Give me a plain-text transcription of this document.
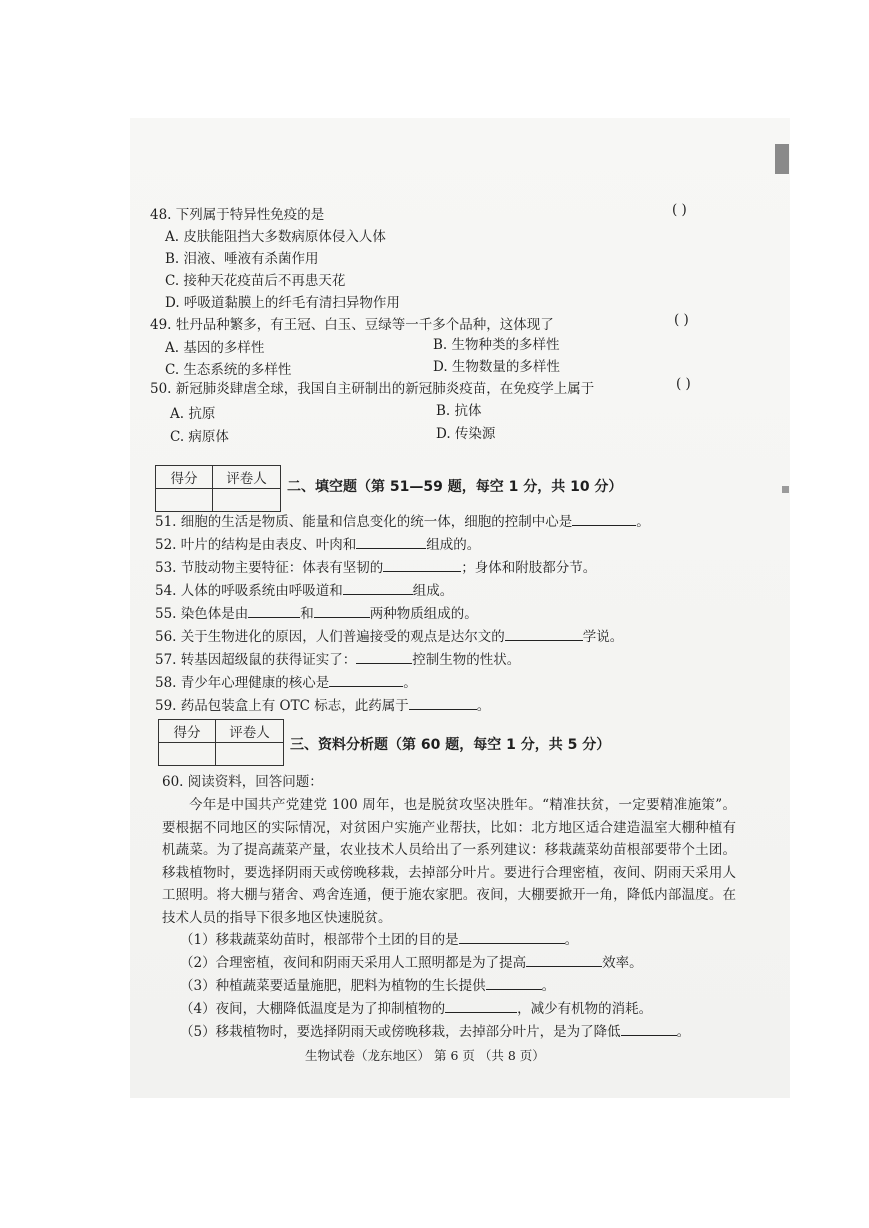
48. 下列属于特异性免疫的是	( )
A. 皮肤能阻挡大多数病原体侵入人体
B. 泪液、唾液有杀菌作用
C. 接种天花疫苗后不再患天花
D. 呼吸道黏膜上的纤毛有清扫异物作用
49. 牡丹品种繁多，有王冠、白玉、豆绿等一千多个品种，这体现了	( )
A. 基因的多样性	B. 生物种类的多样性
C. 生态系统的多样性	D. 生物数量的多样性
50. 新冠肺炎肆虐全球，我国自主研制出的新冠肺炎疫苗，在免疫学上属于	( )
A. 抗原	B. 抗体
C. 病原体	D. 传染源
得分	评卷人
	二、填空题（第 51—59 题，每空 1 分，共 10 分）
51. 细胞的生活是物质、能量和信息变化的统一体，细胞的控制中心是	。
52. 叶片的结构是由表皮、叶肉和	组成的。
53. 节肢动物主要特征：体表有坚韧的	；身体和附肢都分节。
54. 人体的呼吸系统由呼吸道和	组成。
55. 染色体是由	和	两种物质组成的。
56. 关于生物进化的原因，人们普遍接受的观点是达尔文的	学说。
57. 转基因超级鼠的获得证实了：	控制生物的性状。
58. 青少年心理健康的核心是	。
59. 药品包装盒上有 OTC 标志，此药属于	。
得分	评卷人

三、资料分析题（第 60 题，每空 1 分，共 5 分）
60. 阅读资料，回答问题：
今年是中国共产党建党 100 周年，也是脱贫攻坚决胜年。“精准扶贫，一定要精准施策”。要根据不同地区的实际情况，对贫困户实施产业帮扶，比如：北方地区适合建造温室大棚种植有机蔬菜。为了提高蔬菜产量，农业技术人员给出了一系列建议：移栽蔬菜幼苗根部要带个土团。移栽植物时，要选择阴雨天或傍晚移栽，去掉部分叶片。要进行合理密植，夜间、阴雨天采用人工照明。将大棚与猪舍、鸡舍连通，便于施农家肥。夜间，大棚要掀开一角，降低内部温度。在技术人员的指导下很多地区快速脱贫。
（1）移栽蔬菜幼苗时，根部带个土团的目的是	。
（2）合理密植，夜间和阴雨天采用人工照明都是为了提高	效率。
（3）种植蔬菜要适量施肥，肥料为植物的生长提供	。
（4）夜间，大棚降低温度是为了抑制植物的	，减少有机物的消耗。
（5）移栽植物时，要选择阴雨天或傍晚移栽，去掉部分叶片，是为了降低	。
生物试卷（龙东地区） 第 6 页 （共 8 页）
